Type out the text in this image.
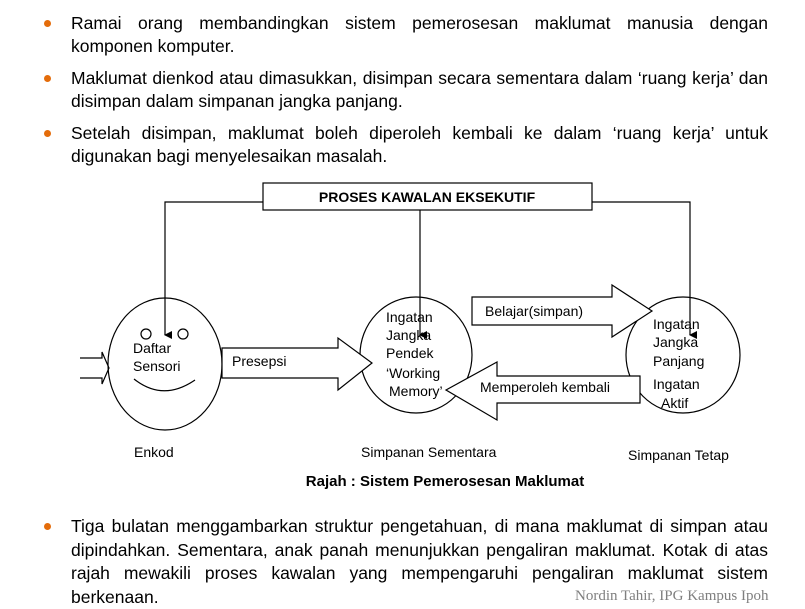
Ramai orang membandingkan sistem pemerosesan maklumat manusia dengan komponen komputer.
Maklumat dienkod atau dimasukkan, disimpan secara sementara dalam ‘ruang kerja’ dan disimpan dalam simpanan jangka panjang.
Setelah disimpan, maklumat boleh diperoleh kembali ke dalam ‘ruang kerja’ untuk digunakan bagi menyelesaikan masalah.
PROSES KAWALAN EKSEKUTIF
Daftar
Sensori
Ingatan
Jangka
Pendek
‘Working
Memory’
Ingatan
Jangka
Panjang
Ingatan
Aktif
Presepsi
Belajar(simpan)
Memperoleh kembali
Enkod	Simpanan Sementara	Simpanan Tetap
Rajah : Sistem Pemerosesan Maklumat
Tiga bulatan menggambarkan struktur pengetahuan, di mana maklumat di simpan atau dipindahkan. Sementara, anak panah menunjukkan pengaliran maklumat. Kotak di atas rajah mewakili proses kawalan yang mempengaruhi pengaliran maklumat sistem berkenaan.	Nordin Tahir, IPG Kampus Ipoh
